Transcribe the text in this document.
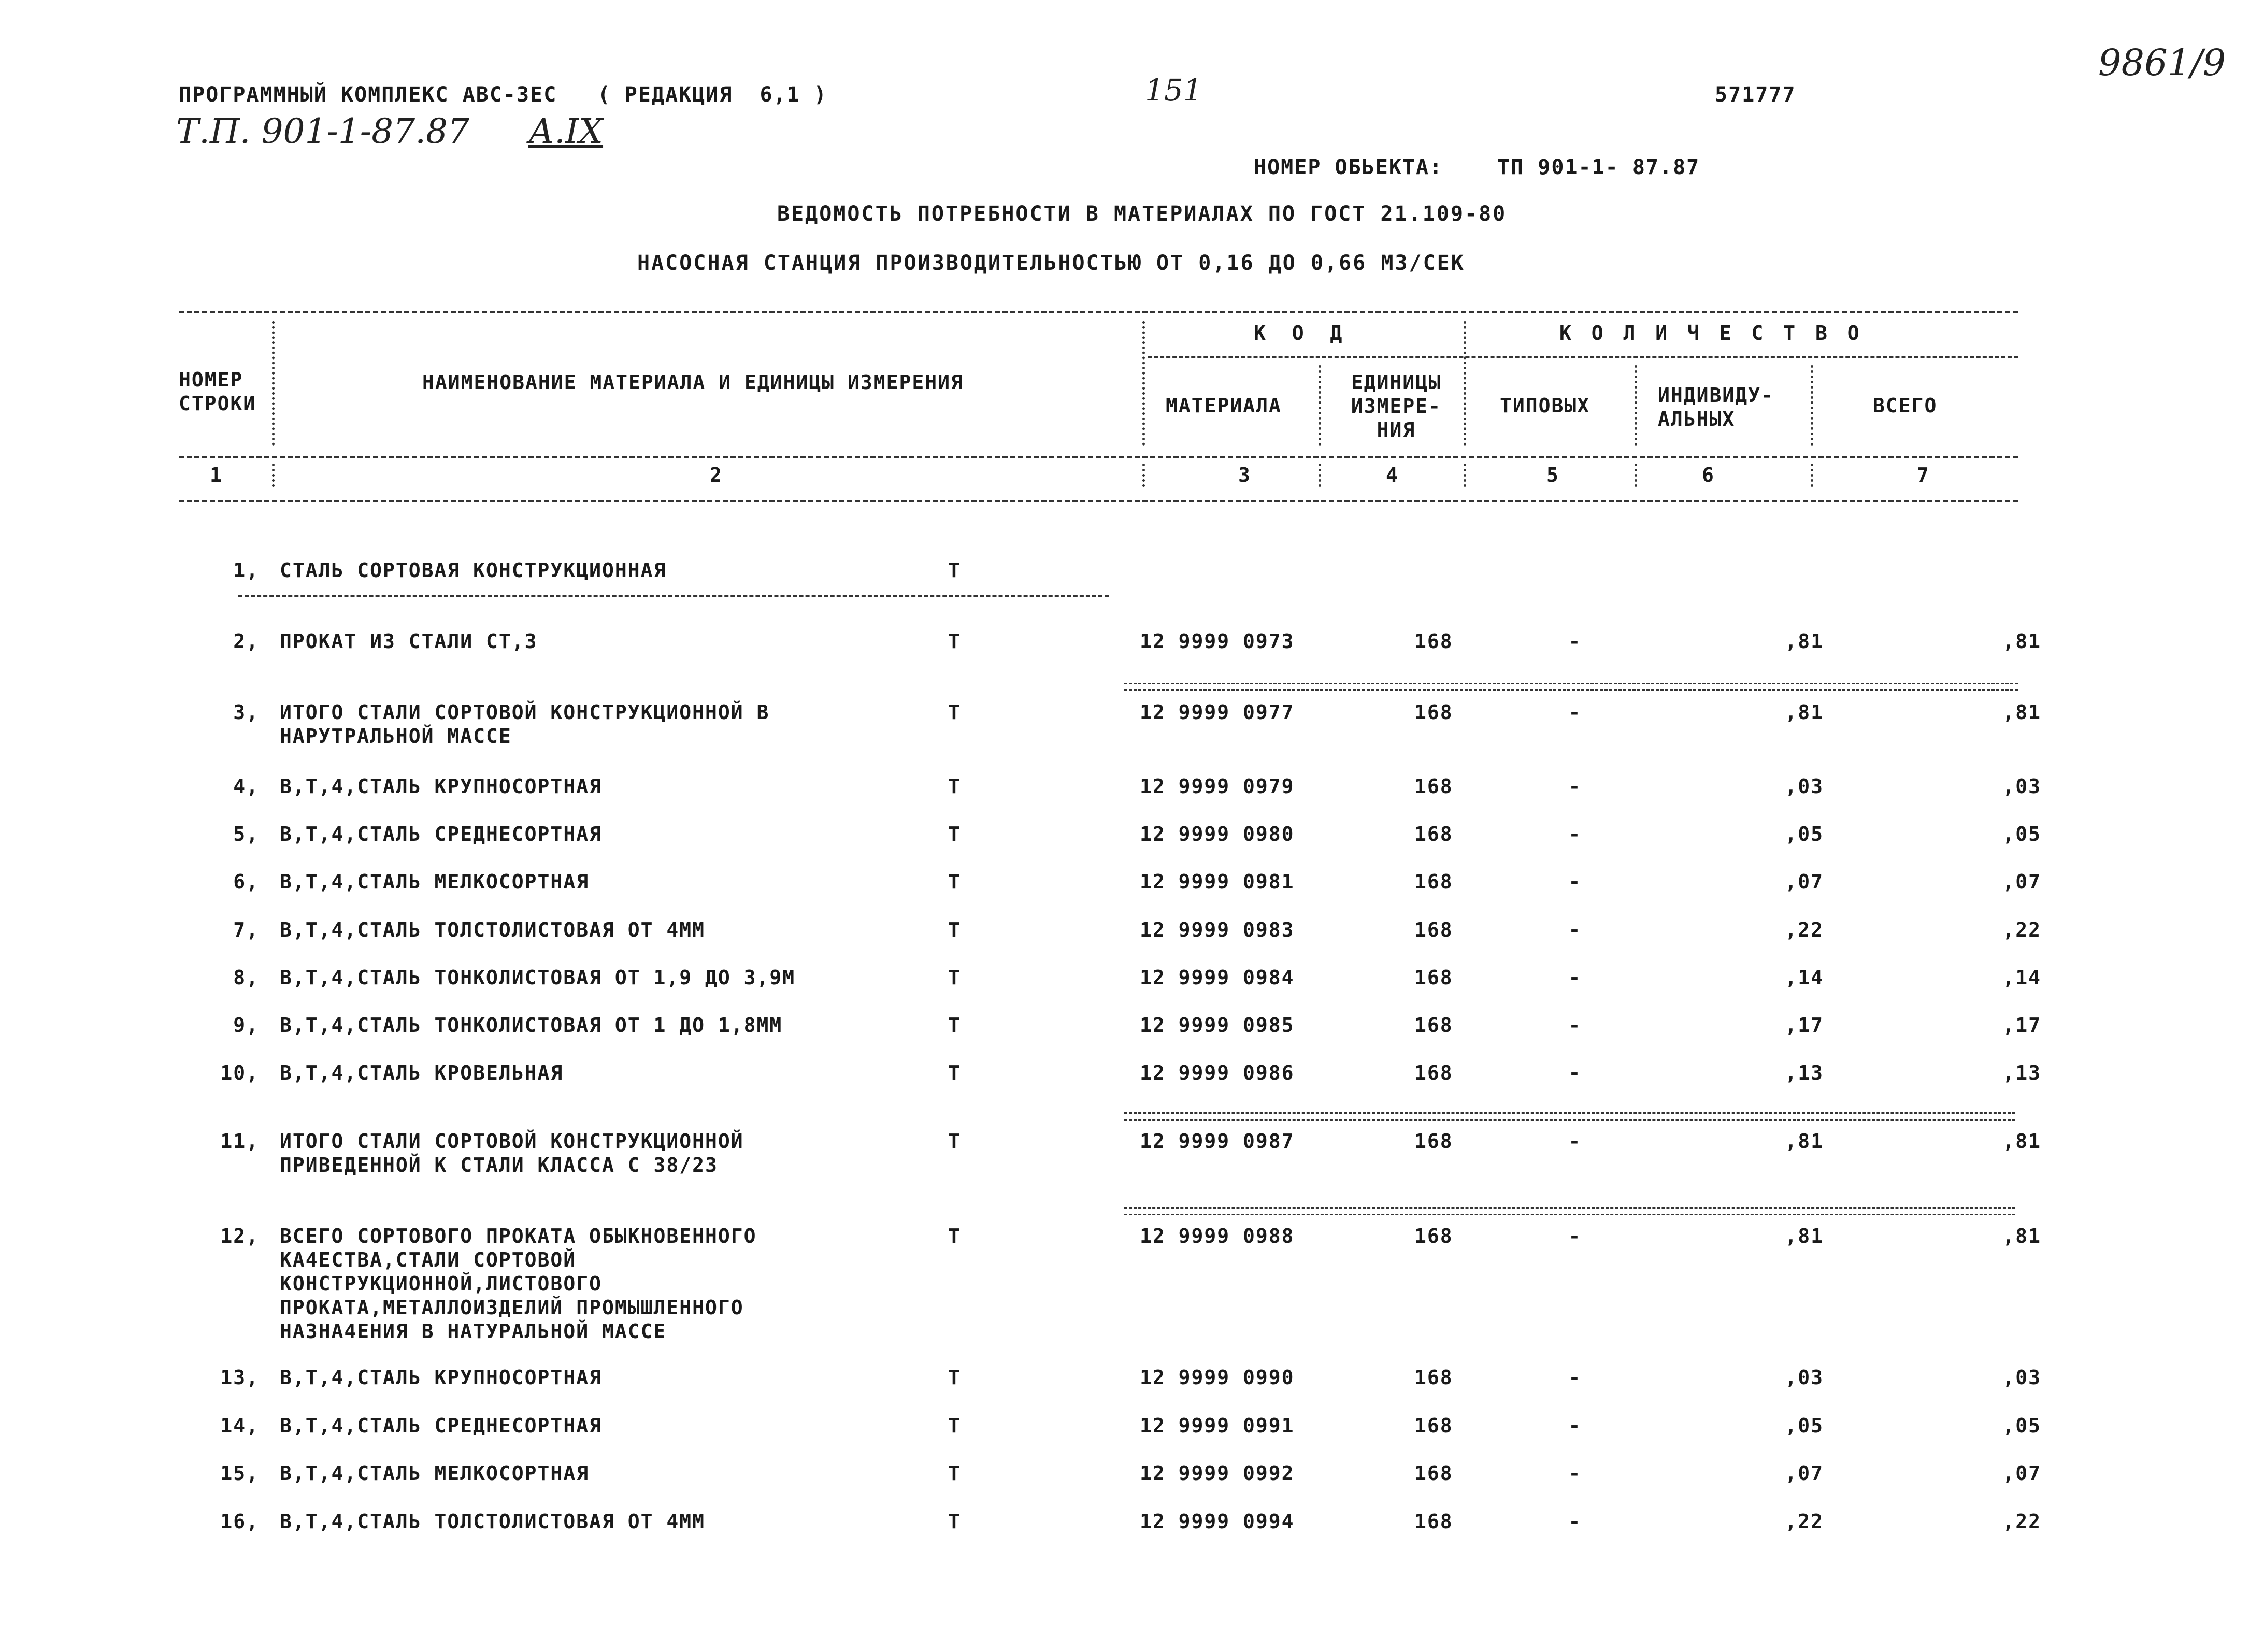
ПРОГРАММНЫЙ КОМПЛЕКС АВС-3ЕС   ( РЕДАКЦИЯ  6,1 )	151	571777
9861/9
Т.П. 901-1-87.87 А.IX
НОМЕР ОБЬЕКТА:	ТП 901-1- 87.87
ВЕДОМОСТЬ ПОТРЕБНОСТИ В МАТЕРИАЛАХ ПО ГОСТ 21.109-80
НАСОСНАЯ СТАНЦИЯ ПРОИЗВОДИТЕЛЬНОСТЬЮ ОТ 0,16 ДО 0,66 М3/СЕК
НОМЕР
СТРОКИ
НАИМЕНОВАНИЕ МАТЕРИАЛА И ЕДИНИЦЫ ИЗМЕРЕНИЯ
К О Д	К О Л И Ч Е С Т В О
МАТЕРИАЛА
ЕДИНИЦЫ
ИЗМЕРЕ-
НИЯ
ТИПОВЫХ	ИНДИВИДУ-
АЛЬНЫХ
ВСЕГО
1	2	3	4	5	6	7
1, СТАЛЬ СОРТОВАЯ КОНСТРУКЦИОННАЯ	Т
2, ПРОКАТ ИЗ СТАЛИ СТ,3	Т	12 9999 0973	168	-	,81	,81
3, ИТОГО СТАЛИ СОРТОВОЙ КОНСТРУКЦИОННОЙ В
НАРУТРАЛЬНОЙ МАССЕ
Т	12 9999 0977	168	-	,81	,81
4, В,Т,4,СТАЛЬ КРУПНОСОРТНАЯ	Т	12 9999 0979	168	-	,03	,03
5, В,Т,4,СТАЛЬ СРЕДНЕСОРТНАЯ	Т	12 9999 0980	168	-	,05	,05
6, В,Т,4,СТАЛЬ МЕЛКОСОРТНАЯ	Т	12 9999 0981	168	-	,07	,07
7, В,Т,4,СТАЛЬ ТОЛСТОЛИСТОВАЯ ОТ 4ММ	Т	12 9999 0983	168	-	,22	,22
8, В,Т,4,СТАЛЬ ТОНКОЛИСТОВАЯ ОТ 1,9 ДО 3,9М	Т	12 9999 0984	168	-	,14	,14
9, В,Т,4,СТАЛЬ ТОНКОЛИСТОВАЯ ОТ 1 ДО 1,8ММ	Т	12 9999 0985	168	-	,17	,17
10, В,Т,4,СТАЛЬ КРОВЕЛЬНАЯ	Т	12 9999 0986	168	-	,13	,13
11, ИТОГО СТАЛИ СОРТОВОЙ КОНСТРУКЦИОННОЙ
ПРИВЕДЕННОЙ К СТАЛИ КЛАССА С 38/23
Т	12 9999 0987	168	-	,81	,81
12, ВСЕГО СОРТОВОГО ПРОКАТА ОБЫКНОВЕННОГО
КА4ЕСТВА,СТАЛИ СОРТОВОЙ
КОНСТРУКЦИОННОЙ,ЛИСТОВОГО
ПРОКАТА,МЕТАЛЛОИЗДЕЛИЙ ПРОМЫШЛЕННОГО
НАЗНА4ЕНИЯ В НАТУРАЛЬНОЙ МАССЕ
Т	12 9999 0988	168	-	,81	,81
13, В,Т,4,СТАЛЬ КРУПНОСОРТНАЯ	Т	12 9999 0990	168	-	,03	,03
14, В,Т,4,СТАЛЬ СРЕДНЕСОРТНАЯ	Т	12 9999 0991	168	-	,05	,05
15, В,Т,4,СТАЛЬ МЕЛКОСОРТНАЯ	Т	12 9999 0992	168	-	,07	,07
16, В,Т,4,СТАЛЬ ТОЛСТОЛИСТОВАЯ ОТ 4ММ	Т	12 9999 0994	168	-	,22	,22
